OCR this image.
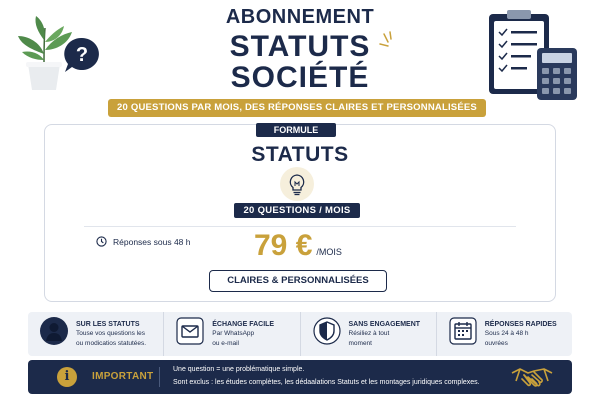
?
ABONNEMENT
STATUTS
SOCIÉTÉ
20 QUESTIONS PAR MOIS, DES RÉPONSES CLAIRES ET PERSONNALISÉES
FORMULE
STATUTS
20 QUESTIONS / MOIS
Réponses sous 48 h 79 € /MOIS
CLAIRES & PERSONNALISÉES
SUR LES STATUTS
Touse vos questions les
ou modicatios statutées.
ÉCHANGE FACILE
Par WhatsApp
ou e-mail
SANS ENGAGEMENT
Résiliez à tout
moment
RÉPONSES RAPIDES
Sous 24 à 48 h
ouvrées
i	IMPORTANT
Une question = une problématique simple.
Sont exclus : les études complètes, les dédaalations Statuts et les montages juridiques complexes.
